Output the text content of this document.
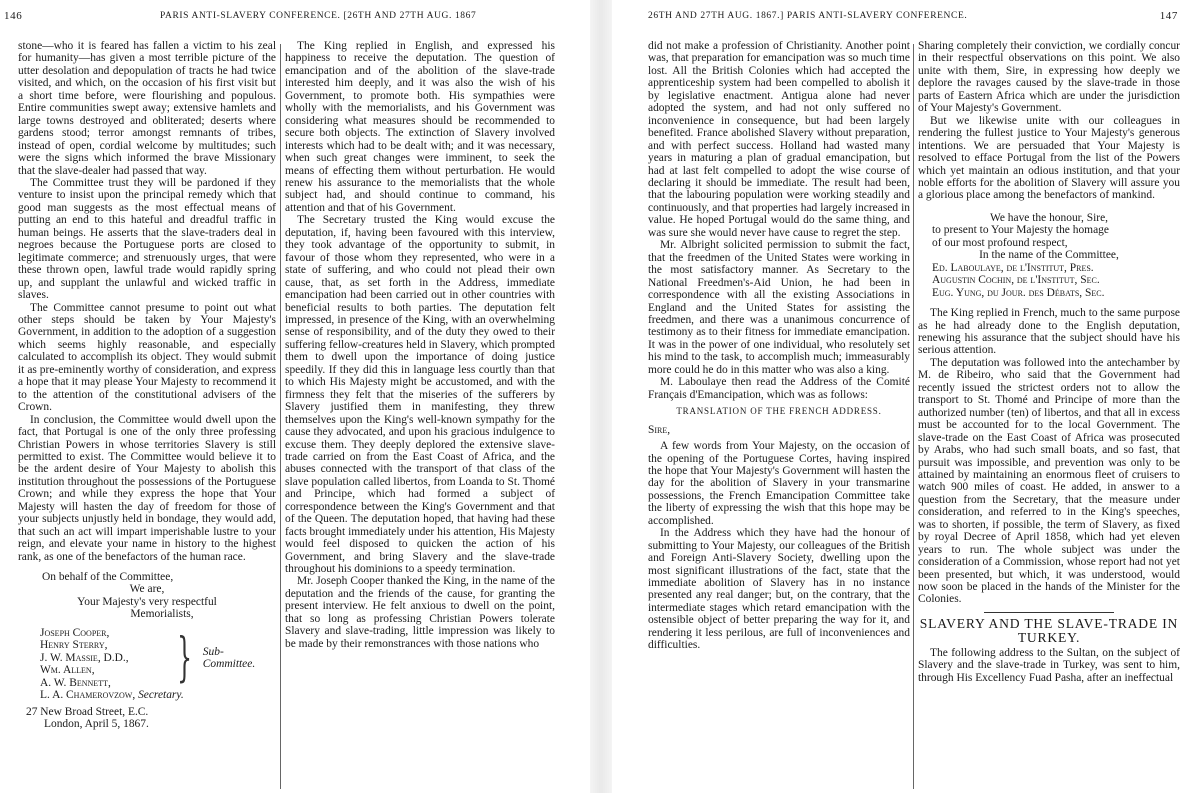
146	PARIS ANTI-SLAVERY CONFERENCE. [26TH AND 27TH AUG. 1867

stone—who it is feared has fallen a victim to his zeal for humanity—has given a most terrible picture of the utter desolation and depopulation of tracts he had twice visited, and which, on the occasion of his first visit but a short time before, were flourishing and populous. Entire communities swept away; extensive hamlets and large towns destroyed and obliterated; deserts where gardens stood; terror amongst remnants of tribes, instead of open, cordial welcome by multitudes; such were the signs which informed the brave Missionary that the slave-dealer had passed that way.

The Committee trust they will be pardoned if they venture to insist upon the principal remedy which that good man suggests as the most effectual means of putting an end to this hateful and dreadful traffic in human beings. He asserts that the slave-traders deal in negroes because the Portuguese ports are closed to legitimate commerce; and strenuously urges, that were these thrown open, lawful trade would rapidly spring up, and supplant the unlawful and wicked traffic in slaves.

The Committee cannot presume to point out what other steps should be taken by Your Majesty's Government, in addition to the adoption of a suggestion which seems highly reasonable, and especially calculated to accomplish its object. They would submit it as pre-eminently worthy of consideration, and express a hope that it may please Your Majesty to recommend it to the attention of the constitutional advisers of the Crown.

In conclusion, the Committee would dwell upon the fact, that Portugal is one of the only three professing Christian Powers in whose territories Slavery is still permitted to exist. The Committee would believe it to be the ardent desire of Your Majesty to abolish this institution throughout the possessions of the Portuguese Crown; and while they express the hope that Your Majesty will hasten the day of freedom for those of your subjects unjustly held in bondage, they would add, that such an act will impart imperishable lustre to your reign, and elevate your name in history to the highest rank, as one of the benefactors of the human race.

On behalf of the Committee,
We are,
Your Majesty's very respectful
Memorialists,
Joseph Cooper,
Henry Sterry,
J. W. Massie, D.D.,
Wm. Allen,
A. W. Bennett,	} Sub-Committee.
L. A. Chamerovzow, Secretary.
27 New Broad Street, E.C.
London, April 5, 1867.

The King replied in English, and expressed his happiness to receive the deputation. The question of emancipation and of the abolition of the slave-trade interested him deeply, and it was also the wish of his Government, to promote both. His sympathies were wholly with the memorialists, and his Government was considering what measures should be recommended to secure both objects. The extinction of Slavery involved interests which had to be dealt with; and it was necessary, when such great changes were imminent, to seek the means of effecting them without perturbation. He would renew his assurance to the memorialists that the whole subject had, and should continue to command, his attention and that of his Government.

The Secretary trusted the King would excuse the deputation, if, having been favoured with this interview, they took advantage of the opportunity to submit, in favour of those whom they represented, who were in a state of suffering, and who could not plead their own cause, that, as set forth in the Address, immediate emancipation had been carried out in other countries with beneficial results to both parties. The deputation felt impressed, in presence of the King, with an overwhelming sense of responsibility, and of the duty they owed to their suffering fellow-creatures held in Slavery, which prompted them to dwell upon the importance of doing justice speedily. If they did this in language less courtly than that to which His Majesty might be accustomed, and with the firmness they felt that the miseries of the sufferers by Slavery justified them in manifesting, they threw themselves upon the King's well-known sympathy for the cause they advocated, and upon his gracious indulgence to excuse them. They deeply deplored the extensive slave-trade carried on from the East Coast of Africa, and the abuses connected with the transport of that class of the slave population called libertos, from Loanda to St. Thomé and Principe, which had formed a subject of correspondence between the King's Government and that of the Queen. The deputation hoped, that having had these facts brought immediately under his attention, His Majesty would feel disposed to quicken the action of his Government, and bring Slavery and the slave-trade throughout his dominions to a speedy termination.

Mr. Joseph Cooper thanked the King, in the name of the deputation and the friends of the cause, for granting the present interview. He felt anxious to dwell on the point, that so long as professing Christian Powers tolerate Slavery and slave-trading, little impression was likely to be made by their remonstrances with those nations who

26TH AND 27TH AUG. 1867.] PARIS ANTI-SLAVERY CONFERENCE.	147

did not make a profession of Christianity. Another point was, that preparation for emancipation was so much time lost. All the British Colonies which had accepted the apprenticeship system had been compelled to abolish it by legislative enactment. Antigua alone had never adopted the system, and had not only suffered no inconvenience in consequence, but had been largely benefited. France abolished Slavery without preparation, and with perfect success. Holland had wasted many years in maturing a plan of gradual emancipation, but had at last felt compelled to adopt the wise course of declaring it should be immediate. The result had been, that the labouring population were working steadily and continuously, and that properties had largely increased in value. He hoped Portugal would do the same thing, and was sure she would never have cause to regret the step.

Mr. Albright solicited permission to submit the fact, that the freedmen of the United States were working in the most satisfactory manner. As Secretary to the National Freedmen's-Aid Union, he had been in correspondence with all the existing Associations in England and the United States for assisting the freedmen, and there was a unanimous concurrence of testimony as to their fitness for immediate emancipation. It was in the power of one individual, who resolutely set his mind to the task, to accomplish much; immeasurably more could he do in this matter who was also a king.

M. Laboulaye then read the Address of the Comité Français d'Emancipation, which was as follows:

TRANSLATION OF THE FRENCH ADDRESS.
Sire,

A few words from Your Majesty, on the occasion of the opening of the Portuguese Cortes, having inspired the hope that Your Majesty's Government will hasten the day for the abolition of Slavery in your transmarine possessions, the French Emancipation Committee take the liberty of expressing the wish that this hope may be accomplished.

In the Address which they have had the honour of submitting to Your Majesty, our colleagues of the British and Foreign Anti-Slavery Society, dwelling upon the most significant illustrations of the fact, state that the immediate abolition of Slavery has in no instance presented any real danger; but, on the contrary, that the intermediate stages which retard emancipation with the ostensible object of better preparing the way for it, and rendering it less perilous, are full of inconveniences and difficulties.

Sharing completely their conviction, we cordially concur in their respectful observations on this point. We also unite with them, Sire, in expressing how deeply we deplore the ravages caused by the slave-trade in those parts of Eastern Africa which are under the jurisdiction of Your Majesty's Government.

But we likewise unite with our colleagues in rendering the fullest justice to Your Majesty's generous intentions. We are persuaded that Your Majesty is resolved to efface Portugal from the list of the Powers which yet maintain an odious institution, and that your noble efforts for the abolition of Slavery will assure you a glorious place among the benefactors of mankind.

We have the honour, Sire,
to present to Your Majesty the homage
of our most profound respect,
In the name of the Committee,
Ed. Laboulaye, de l'Institut, Pres.
Augustin Cochin, de l'Institut, Sec.
Eug. Yung, du Jour. des Débats, Sec.

The King replied in French, much to the same purpose as he had already done to the English deputation, renewing his assurance that the subject should have his serious attention.

The deputation was followed into the antechamber by M. de Ribeiro, who said that the Government had recently issued the strictest orders not to allow the transport to St. Thomé and Principe of more than the authorized number (ten) of libertos, and that all in excess must be accounted for to the local Government. The slave-trade on the East Coast of Africa was prosecuted by Arabs, who had such small boats, and so fast, that pursuit was impossible, and prevention was only to be attained by maintaining an enormous fleet of cruisers to watch 900 miles of coast. He added, in answer to a question from the Secretary, that the measure under consideration, and referred to in the King's speeches, was to shorten, if possible, the term of Slavery, as fixed by royal Decree of April 1858, which had yet eleven years to run. The whole subject was under the consideration of a Commission, whose report had not yet been presented, but which, it was understood, would now soon be placed in the hands of the Minister for the Colonies.

SLAVERY AND THE SLAVE-TRADE IN TURKEY.

The following address to the Sultan, on the subject of Slavery and the slave-trade in Turkey, was sent to him, through His Excellency Fuad Pasha, after an ineffectual
